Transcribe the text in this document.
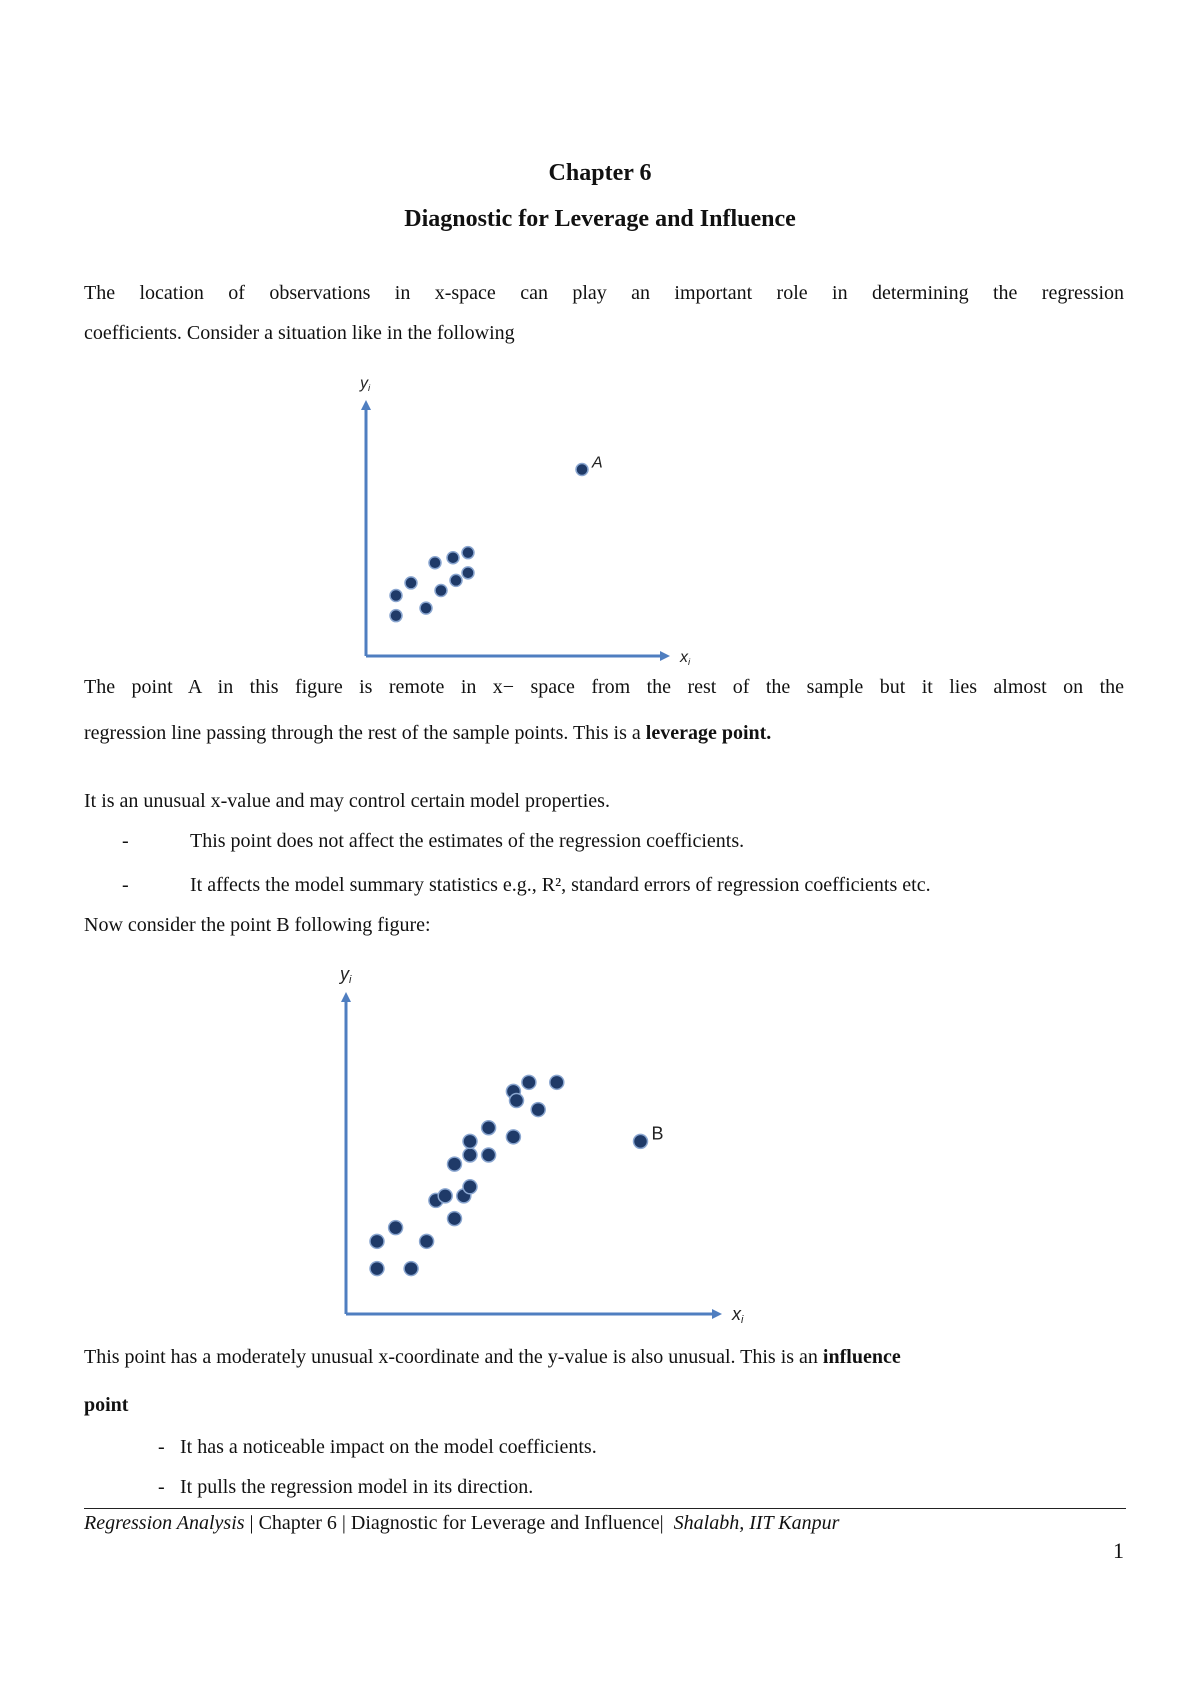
Chapter 6
Diagnostic for Leverage and Influence
The location of observations in x-space can play an important role in determining the regression
coefficients. Consider a situation like in the following
yi
xi
A
yi
xi
B
The point A in this figure is remote in x− space from the rest of the sample but it lies almost on the
regression line passing through the rest of the sample points. This is a leverage point.
It is an unusual x-value and may control certain model properties.
-	This point does not affect the estimates of the regression coefficients.
-	It affects the model summary statistics e.g., R², standard errors of regression coefficients etc.
Now consider the point B following figure:
This point has a moderately unusual x-coordinate and the y-value is also unusual. This is an influence
point
- It has a noticeable impact on the model coefficients.
- It pulls the regression model in its direction.
Regression Analysis | Chapter 6 | Diagnostic for Leverage and Influence| Shalabh, IIT Kanpur
1
